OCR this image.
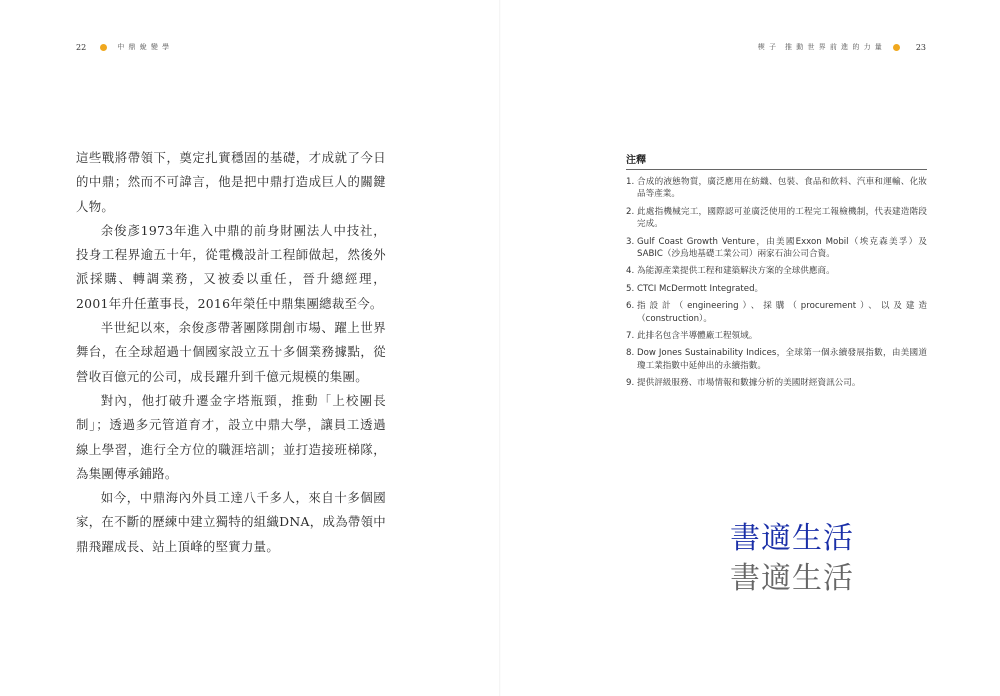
22	中 鼎 蛻 變 學	楔 子　推 動 世 界 前 進 的 力 量	23

這些戰將帶領下，奠定扎實穩固的基礎，才成就了今日的中鼎；然而不可諱言，他是把中鼎打造成巨人的關鍵人物。

余俊彥1973年進入中鼎的前身財團法人中技社，投身工程界逾五十年，從電機設計工程師做起，然後外派採購、轉調業務，又被委以重任，晉升總經理，2001年升任董事長，2016年榮任中鼎集團總裁至今。

半世紀以來，余俊彥帶著團隊開創市場、躍上世界舞台，在全球超過十個國家設立五十多個業務據點，從營收百億元的公司，成長躍升到千億元規模的集團。

對內，他打破升遷金字塔瓶頸，推動「上校團長制」；透過多元管道育才，設立中鼎大學，讓員工透過線上學習，進行全方位的職涯培訓；並打造接班梯隊，為集團傳承鋪路。

如今，中鼎海內外員工達八千多人，來自十多個國家，在不斷的歷練中建立獨特的組織DNA，成為帶領中鼎飛躍成長、站上頂峰的堅實力量。

注釋
1. 合成的液態物質，廣泛應用在紡織、包裝、食品和飲料、汽車和運輸、化妝品等產業。
2. 此處指機械完工，國際認可並廣泛使用的工程完工報檢機制，代表建造階段完成。
3. Gulf Coast Growth Venture，由美國Exxon Mobil（埃克森美孚）及SABIC（沙烏地基礎工業公司）兩家石油公司合資。
4. 為能源產業提供工程和建築解決方案的全球供應商。
5. CTCI McDermott Integrated。
6. 指設計（engineering）、採購（procurement）、以及建造（construction）。
7. 此排名包含半導體廠工程領域。
8. Dow Jones Sustainability Indices，全球第一個永續發展指數，由美國道瓊工業指數中延伸出的永續指數。
9. 提供評級服務、市場情報和數據分析的美國財經資訊公司。
書適生活
書適生活
